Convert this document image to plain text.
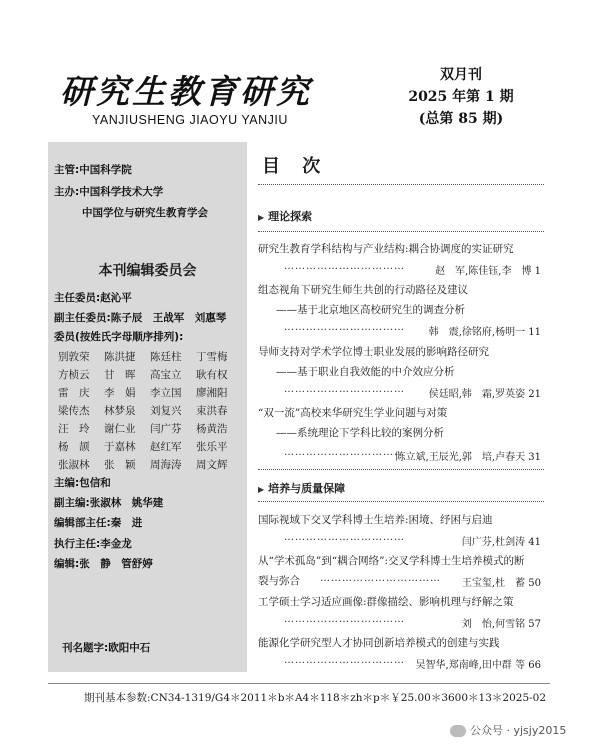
研究生教育研究
YANJIUSHENG JIAOYU YANJIU
双月刊
2025 年第 1 期
(总第 85 期)
主管:中国科学院
主办:中国科学技术大学
中国学位与研究生教育学会
本刊编辑委员会
主任委员:赵沁平
副主任委员:陈子辰　王战军　刘惠琴
委员(按姓氏字母顺序排列):
别敦荣	陈洪捷	陈廷柱	丁雪梅
方桢云	甘　晖	高宝立	耿有权
雷　庆	李　娟	李立国	廖湘阳
梁传杰	林梦泉	刘复兴	束洪春
汪　玲	谢仁业	闫广芬	杨黄浩
杨　颉	于嘉林	赵红军	张乐平
张淑林	张　颖	周海涛	周文辉
主编:包信和
副主编:张淑林　姚华建
编辑部主任:秦　进
执行主任:李金龙
编辑:张　静　管舒婷
刊名题字:欧阳中石
目 次
▶ 理论探索
研究生教育学科结构与产业结构:耦合协调度的实证研究
……………………………	赵　军,陈佳钰,李　博 1
组态视角下研究生师生共创的行动路径及建议
——基于北京地区高校研究生的调查分析
……………………………	韩　震,徐铭府,杨明一 11
导师支持对学术学位博士职业发展的影响路径研究
——基于职业自我效能的中介效应分析
……………………………	侯廷昭,韩　霜,罗英姿 21
“双一流”高校来华研究生学业问题与对策
——系统理论下学科比较的案例分析
……………………………
陈立斌,王辰光,郭　培,卢春天 31
▶ 培养与质量保障
国际视域下交叉学科博士生培养:困境、纾困与启迪
……………………………	闫广芬,杜剑涛 41
从“学术孤岛”到“耦合网络”:交叉学科博士生培养模式的断
裂与弥合 …………………………… 王宝玺,杜　蓄 50
工学硕士学习适应画像:群像描绘、影响机理与纾解之策
……………………………	刘　怡,何雪铭 57
能源化学研究型人才协同创新培养模式的创建与实践
…………………………… 吴智华,郑南峰,田中群 等 66
期刊基本参数:CN34-1319/G4＊2011＊b＊A4＊118＊zh＊p＊￥25.00＊3600＊13＊2025-02
公众号 · yjsjy2015
